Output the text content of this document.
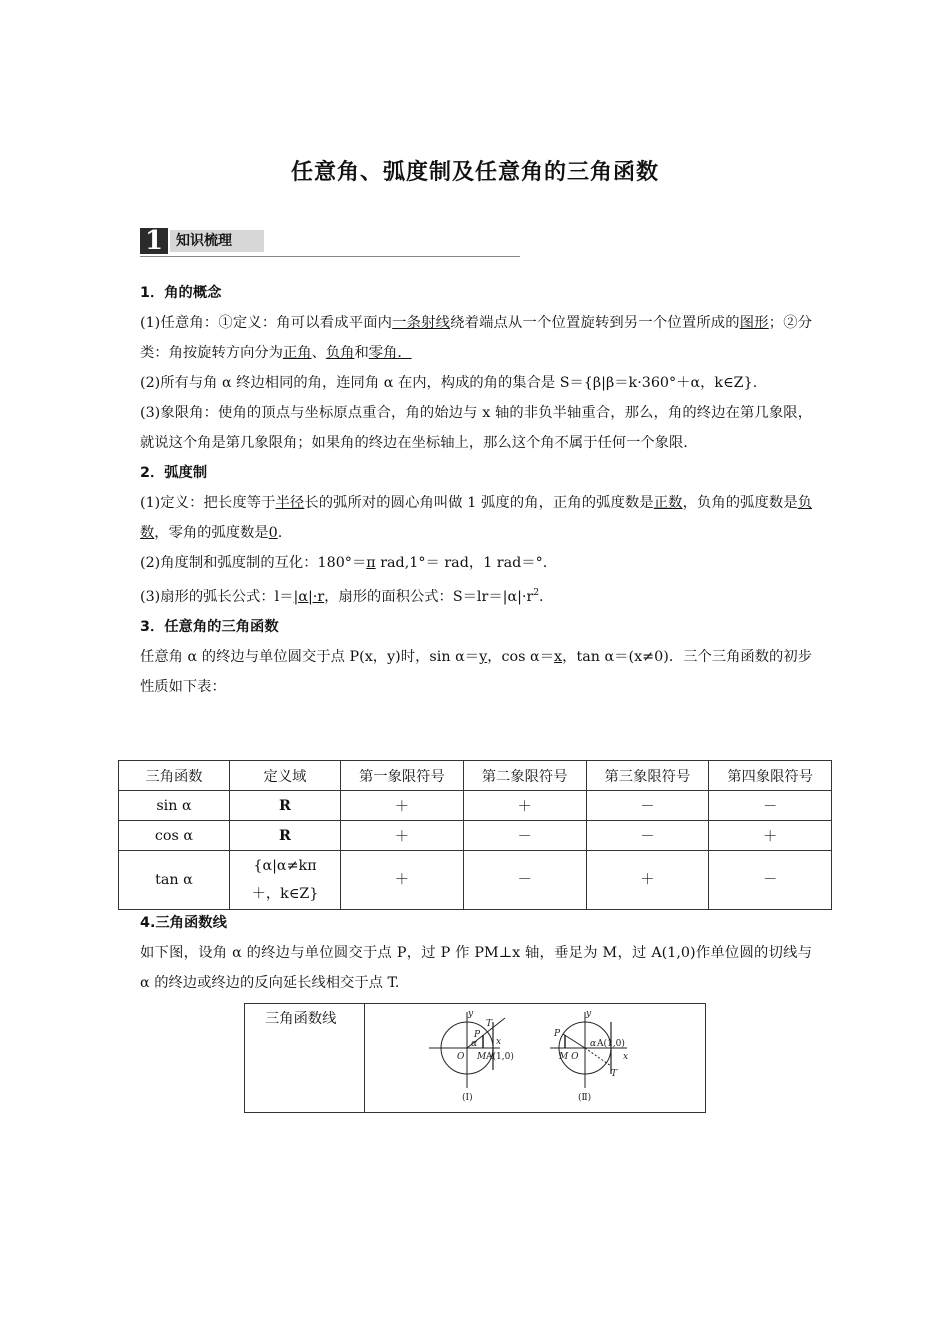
任意角、弧度制及任意角的三角函数
1 知识梳理
1．角的概念
(1)任意角：①定义：角可以看成平面内一条射线绕着端点从一个位置旋转到另一个位置所成的图形；②分类：角按旋转方向分为正角、负角和零角．
(2)所有与角 α 终边相同的角，连同角 α 在内，构成的角的集合是 S＝{β|β＝k·360°＋α，k∈Z}.
(3)象限角：使角的顶点与坐标原点重合，角的始边与 x 轴的非负半轴重合，那么，角的终边在第几象限，就说这个角是第几象限角；如果角的终边在坐标轴上，那么这个角不属于任何一个象限.
2．弧度制
(1)定义：把长度等于半径长的弧所对的圆心角叫做 1 弧度的角，正角的弧度数是正数，负角的弧度数是负数，零角的弧度数是0.
(2)角度制和弧度制的互化：180°＝π rad,1°＝ rad，1 rad＝°.
(3)扇形的弧长公式：l＝|α|·r，扇形的面积公式：$S=lr=|\alpha|\cdot r^2$.
3．任意角的三角函数
任意角 α 的终边与单位圆交于点 P(x，y)时，sin α＝y，cos α＝x，tan α＝(x≠0)．三个三角函数的初步性质如下表：
三角函数	定义域	第一象限符号	第二象限符号	第三象限符号	第四象限符号
sin α	R	＋	＋	－	－
cos α	R	＋	－	－	＋
tan α	{α|α≠kπ
＋，k∈Z}	＋	－	＋	－
4.三角函数线
如下图，设角 α 的终边与单位圆交于点 P，过 P 作 PM⊥x 轴，垂足为 M，过 A(1,0)作单位圆的切线与 α 的终边或终边的反向延长线相交于点 T.
三角函数线	y
x
T
P
α
O M A(1,0)
(Ⅰ)
y
x
T
P
α
M O
A(1,0)
(Ⅱ)
